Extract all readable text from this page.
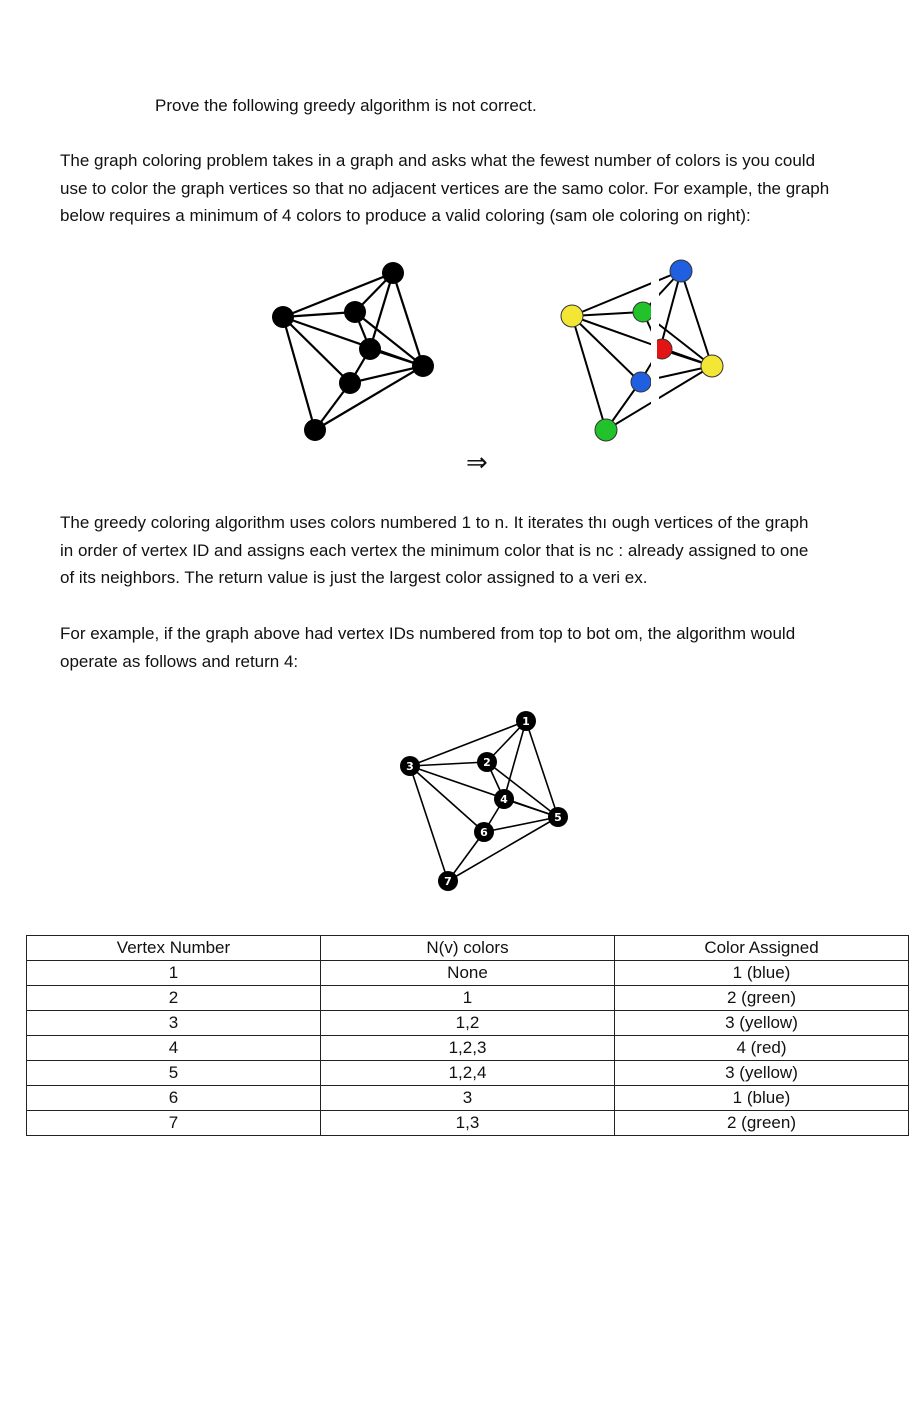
Prove the following greedy algorithm is not correct.
The graph coloring problem takes in a graph and asks what the fewest number of colors is you could
use to color the graph vertices so that no adjacent vertices are the samo color. For example, the graph
below requires a minimum of 4 colors to produce a valid coloring (sam ole coloring on right):
1
2
3
4
5
6
7
⇒
The greedy coloring algorithm uses colors numbered 1 to n. It iterates thı ough vertices of the graph
in order of vertex ID and assigns each vertex the minimum color that is nc : already assigned to one
of its neighbors. The return value is just the largest color assigned to a veri ex.
For example, if the graph above had vertex IDs numbered from top to bot om, the algorithm would
operate as follows and return 4:
Vertex Number	N(v) colors	Color Assigned
1	None	1 (blue)
2	1	2 (green)
3	1,2	3 (yellow)
4	1,2,3	4 (red)
5	1,2,4	3 (yellow)
6	3	1 (blue)
7	1,3	2 (green)
